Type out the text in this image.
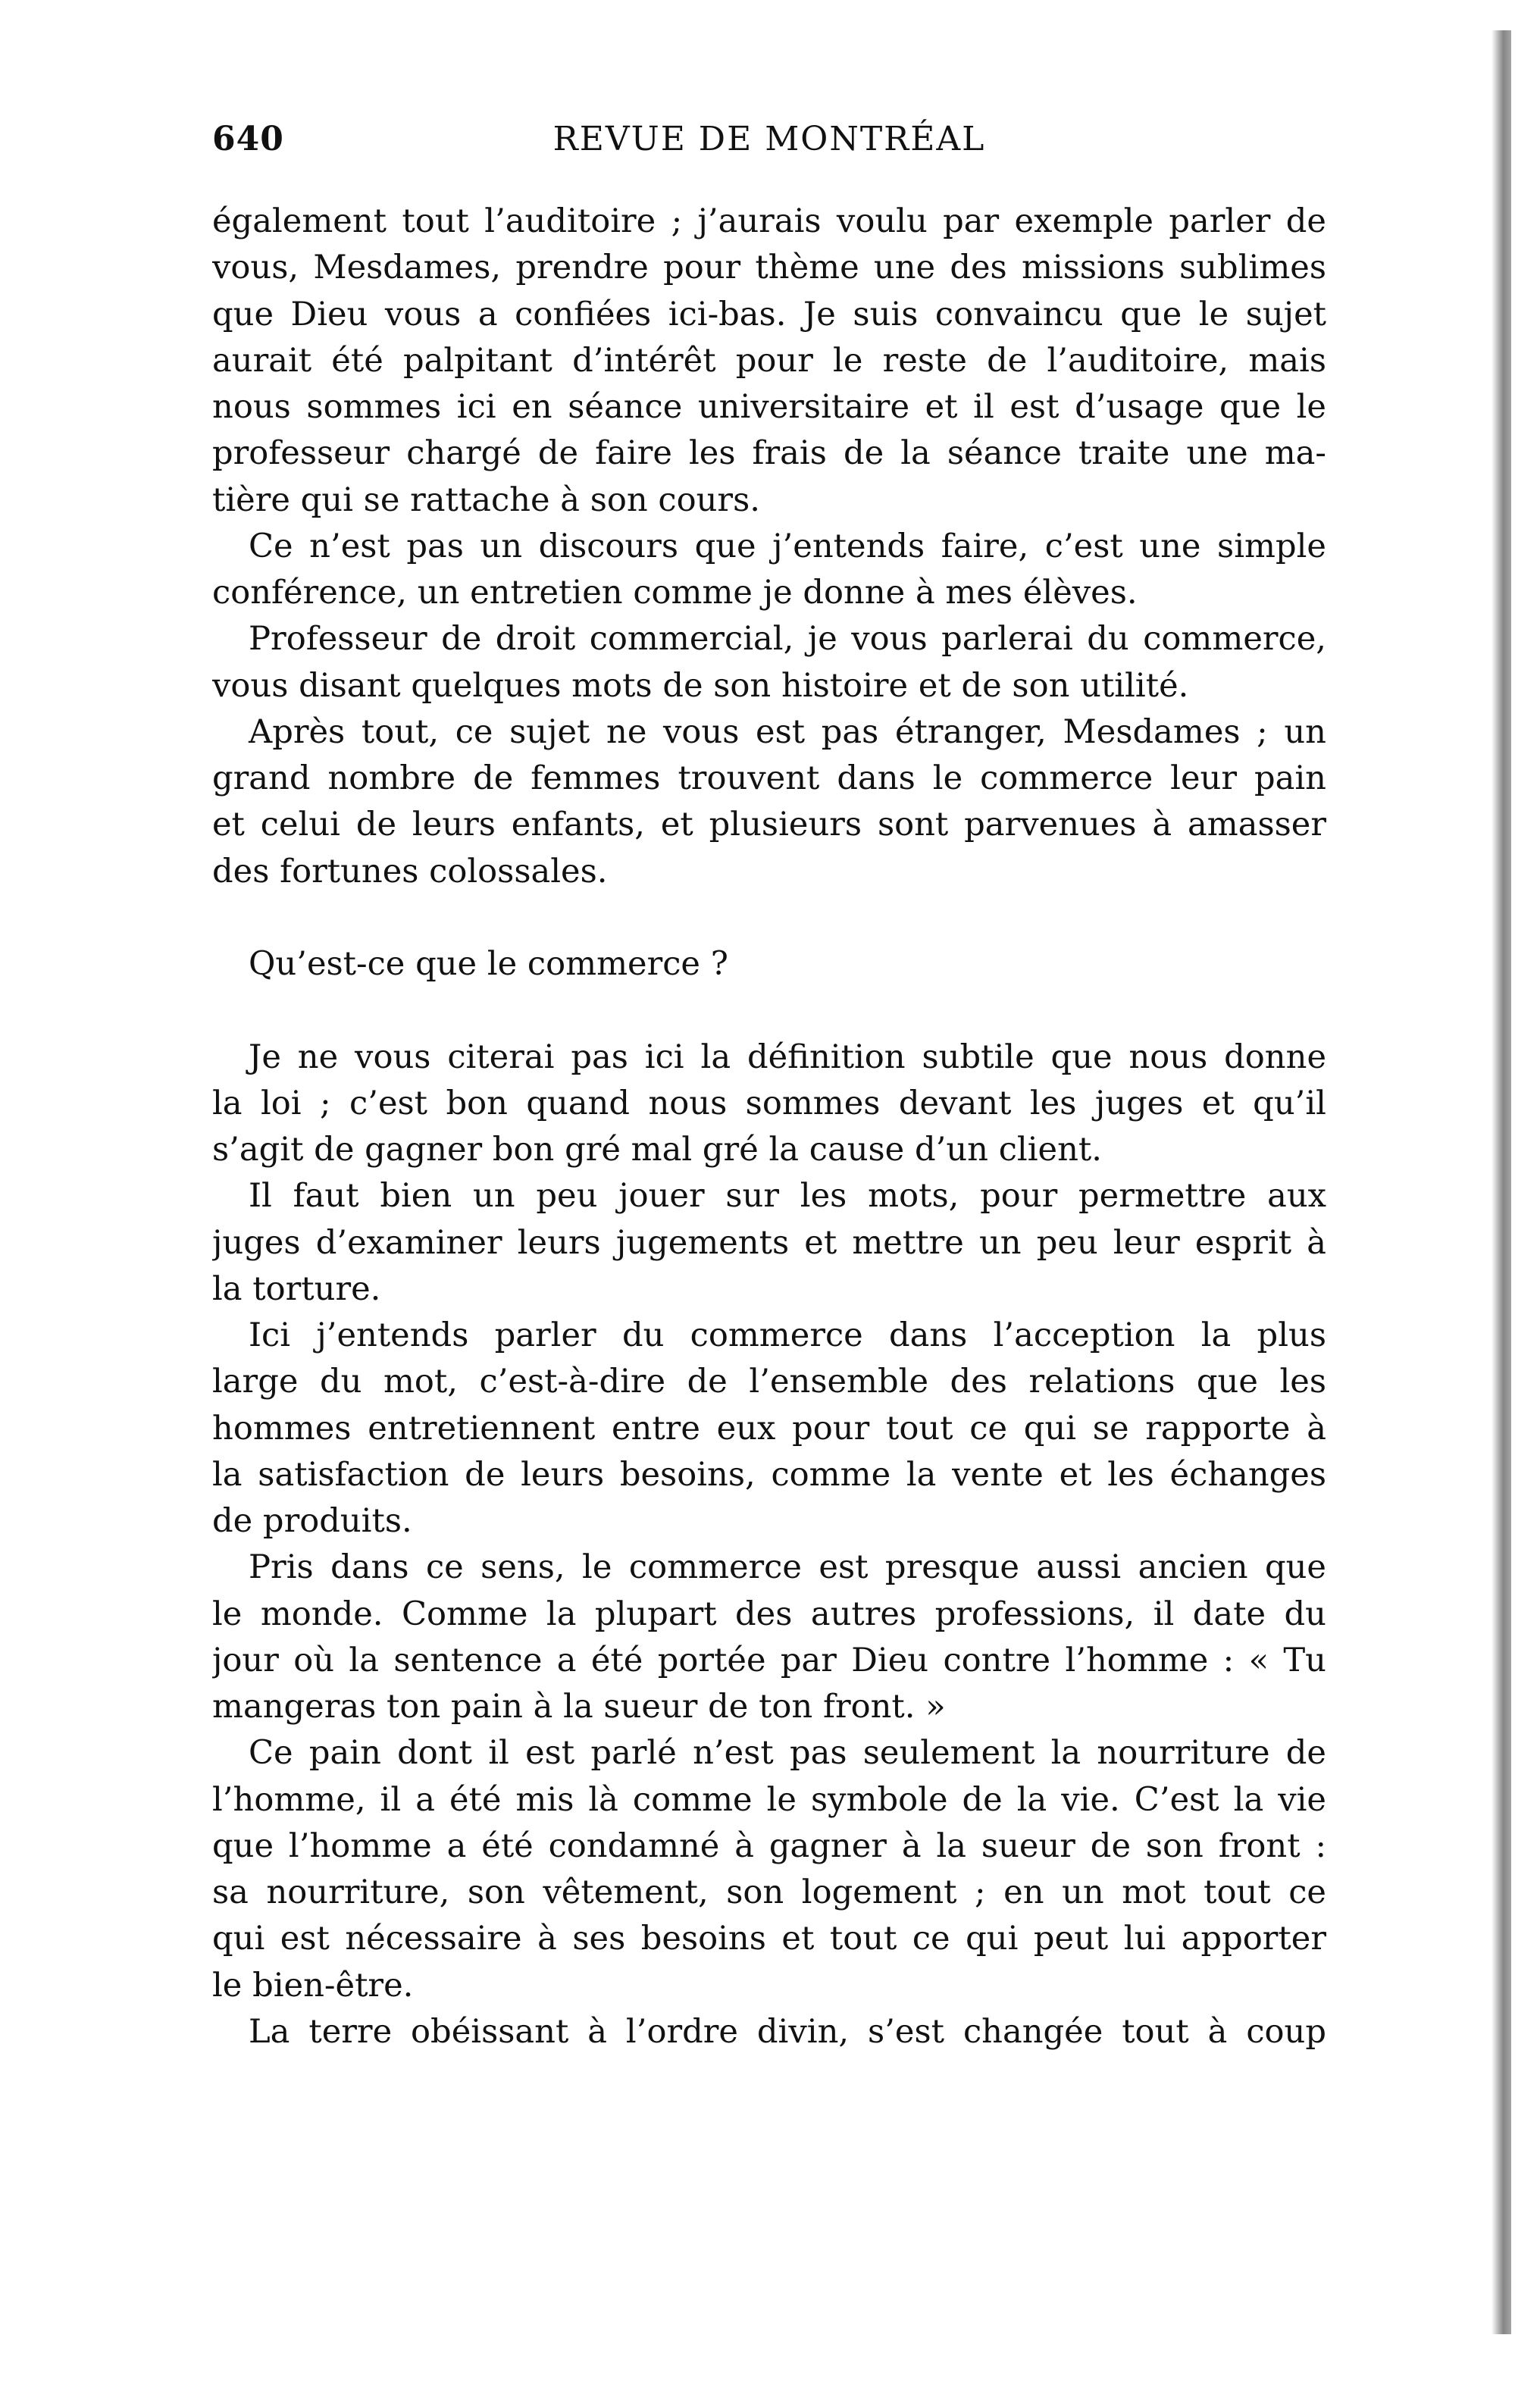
640	REVUE DE MONTRÉAL
également tout l’auditoire ; j’aurais voulu par exemple parler de
vous, Mesdames, prendre pour thème une des missions sublimes
que Dieu vous a confiées ici-bas. Je suis convaincu que le sujet
aurait été palpitant d’intérêt pour le reste de l’auditoire, mais
nous sommes ici en séance universitaire et il est d’usage que le
professeur chargé de faire les frais de la séance traite une ma-
tière qui se rattache à son cours.
Ce n’est pas un discours que j’entends faire, c’est une simple
conférence, un entretien comme je donne à mes élèves.
Professeur de droit commercial, je vous parlerai du commerce,
vous disant quelques mots de son histoire et de son utilité.
Après tout, ce sujet ne vous est pas étranger, Mesdames ; un
grand nombre de femmes trouvent dans le commerce leur pain
et celui de leurs enfants, et plusieurs sont parvenues à amasser
des fortunes colossales.
Qu’est-ce que le commerce ?
Je ne vous citerai pas ici la définition subtile que nous donne
la loi ; c’est bon quand nous sommes devant les juges et qu’il
s’agit de gagner bon gré mal gré la cause d’un client.
Il faut bien un peu jouer sur les mots, pour permettre aux
juges d’examiner leurs jugements et mettre un peu leur esprit à
la torture.
Ici j’entends parler du commerce dans l’acception la plus
large du mot, c’est-à-dire de l’ensemble des relations que les
hommes entretiennent entre eux pour tout ce qui se rapporte à
la satisfaction de leurs besoins, comme la vente et les échanges
de produits.
Pris dans ce sens, le commerce est presque aussi ancien que
le monde. Comme la plupart des autres professions, il date du
jour où la sentence a été portée par Dieu contre l’homme : « Tu
mangeras ton pain à la sueur de ton front. »
Ce pain dont il est parlé n’est pas seulement la nourriture de
l’homme, il a été mis là comme le symbole de la vie. C’est la vie
que l’homme a été condamné à gagner à la sueur de son front :
sa nourriture, son vêtement, son logement ; en un mot tout ce
qui est nécessaire à ses besoins et tout ce qui peut lui apporter
le bien-être.
La terre obéissant à l’ordre divin, s’est changée tout à coup
